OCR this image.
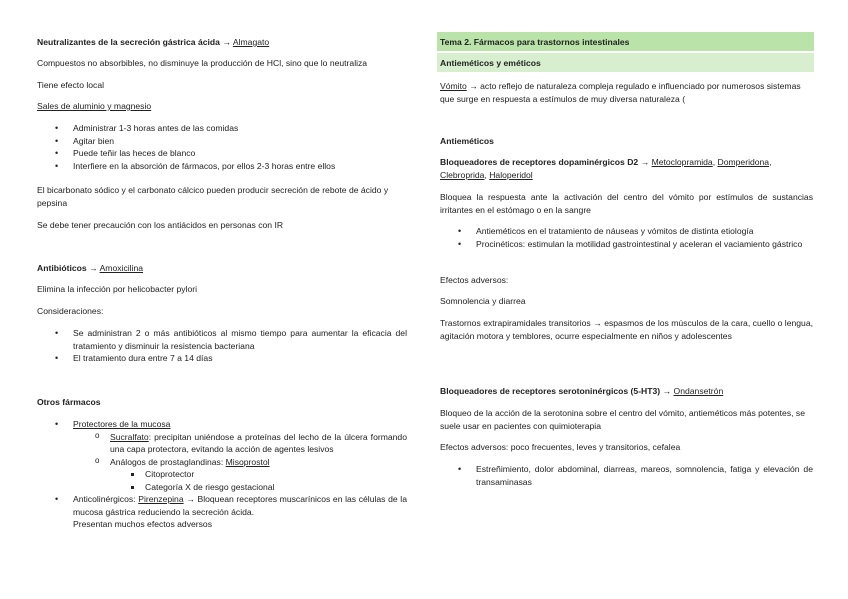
Neutralizantes de la secreción gástrica ácida → Almagato

Compuestos no absorbibles, no disminuye la producción de HCl, sino que lo neutraliza

Tiene efecto local

Sales de aluminio y magnesio

• Administrar 1-3 horas antes de las comidas
• Agitar bien
• Puede teñir las heces de blanco
• Interfiere en la absorción de fármacos, por ellos 2-3 horas entre ellos

El bicarbonato sódico y el carbonato cálcico pueden producir secreción de rebote de ácido y pepsina

Se debe tener precaución con los antiácidos en personas con IR

Antibióticos → Amoxicilina

Elimina la infección por helicobacter pylori

Consideraciones:

• Se administran 2 o más antibióticos al mismo tiempo para aumentar la eficacia del tratamiento y disminuir la resistencia bacteriana
• El tratamiento dura entre 7 a 14 días

Otros fármacos

• Protectores de la mucosa
o Sucralfato: precipitan uniéndose a proteínas del lecho de la úlcera formando una capa protectora, evitando la acción de agentes lesivos
o Análogos de prostaglandinas: Misoprostol
Citoprotector
Categoría X de riesgo gestacional
• Anticolinérgicos: Pirenzepina → Bloquean receptores muscarínicos en las células de la mucosa gástrica reduciendo la secreción ácida.
Presentan muchos efectos adversos
Tema 2. Fármacos para trastornos intestinales
Antieméticos y eméticos

Vómito → acto reflejo de naturaleza compleja regulado e influenciado por numerosos sistemas que surge en respuesta a estímulos de muy diversa naturaleza (

Antieméticos

Bloqueadores de receptores dopaminérgicos D2 → Metoclopramida, Domperidona, Clebroprida, Haloperidol

Bloquea la respuesta ante la activación del centro del vómito por estímulos de sustancias irritantes en el estómago o en la sangre

• Antieméticos en el tratamiento de náuseas y vómitos de distinta etiología
• Procinéticos: estimulan la motilidad gastrointestinal y aceleran el vaciamiento gástrico

Efectos adversos:

Somnolencia y diarrea

Trastornos extrapiramidales transitorios → espasmos de los músculos de la cara, cuello o lengua, agitación motora y temblores, ocurre especialmente en niños y adolescentes

Bloqueadores de receptores serotoninérgicos (5-HT3) → Ondansetrón

Bloqueo de la acción de la serotonina sobre el centro del vómito, antieméticos más potentes, se suele usar en pacientes con quimioterapia

Efectos adversos: poco frecuentes, leves y transitorios, cefalea

• Estreñimiento, dolor abdominal, diarreas, mareos, somnolencia, fatiga y elevación de transaminasas
